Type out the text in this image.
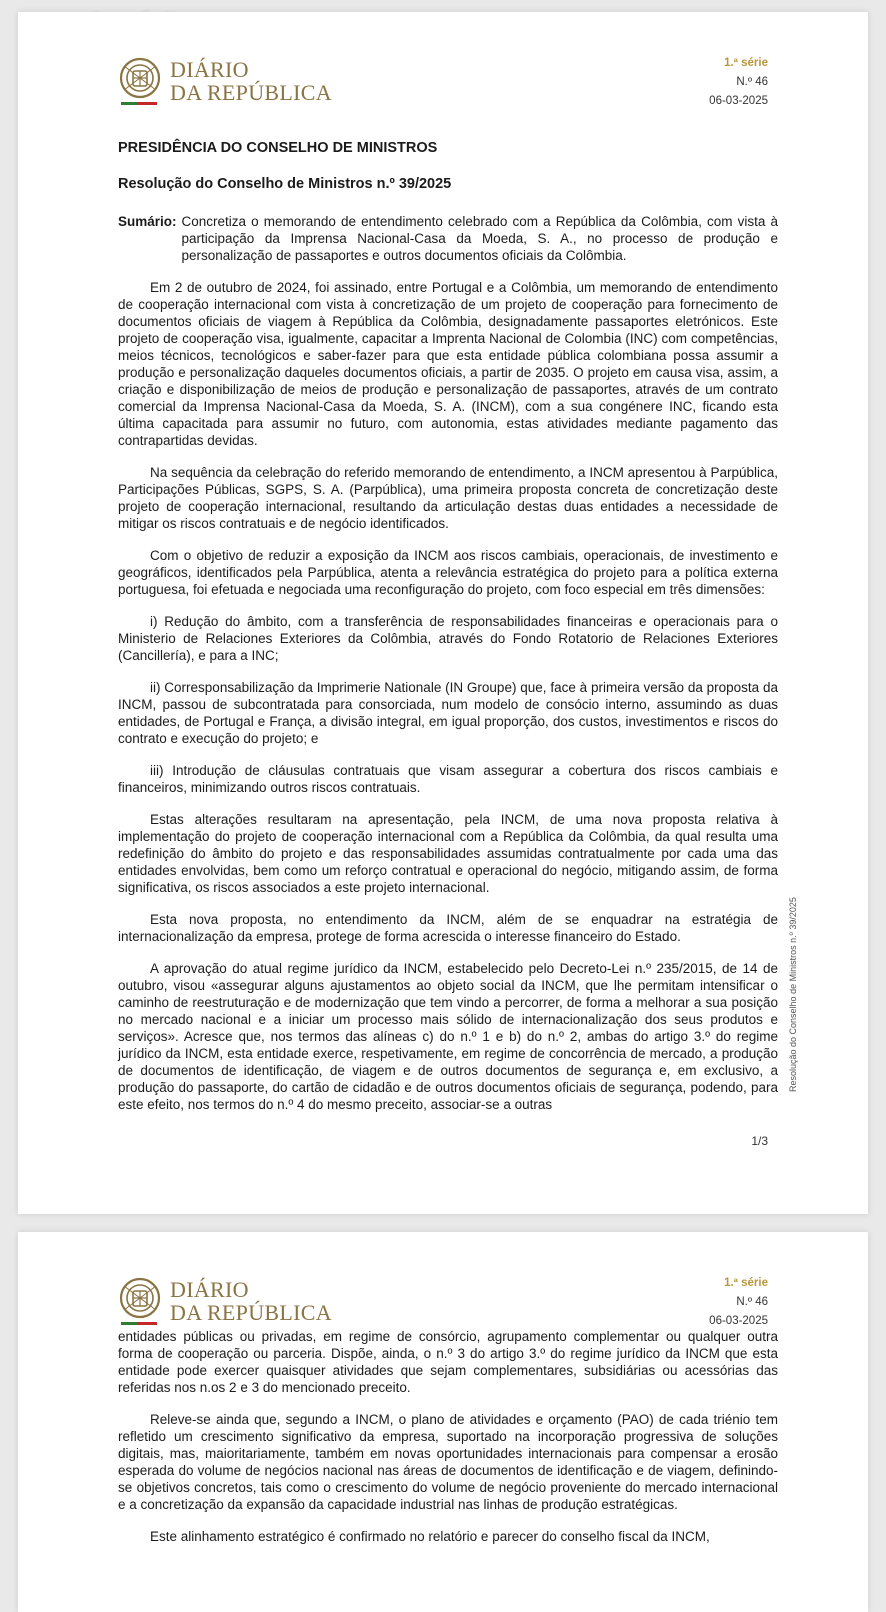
DIÁRIO
DA REPÚBLICA
1.ª série
N.º 46
06-03-2025
PRESIDÊNCIA DO CONSELHO DE MINISTROS
Resolução do Conselho de Ministros n.º 39/2025
Sumário: Concretiza o memorando de entendimento celebrado com a República da Colômbia, com vista à participação da Imprensa Nacional-Casa da Moeda, S. A., no processo de produção e personalização de passaportes e outros documentos oficiais da Colômbia.

Em 2 de outubro de 2024, foi assinado, entre Portugal e a Colômbia, um memorando de entendimento de cooperação internacional com vista à concretização de um projeto de cooperação para fornecimento de documentos oficiais de viagem à República da Colômbia, designadamente passaportes eletrónicos. Este projeto de cooperação visa, igualmente, capacitar a Imprenta Nacional de Colombia (INC) com competências, meios técnicos, tecnológicos e saber-fazer para que esta entidade pública colombiana possa assumir a produção e personalização daqueles documentos oficiais, a partir de 2035. O projeto em causa visa, assim, a criação e disponibilização de meios de produção e personalização de passaportes, através de um contrato comercial da Imprensa Nacional-Casa da Moeda, S. A. (INCM), com a sua congénere INC, ficando esta última capacitada para assumir no futuro, com autonomia, estas atividades mediante pagamento das contrapartidas devidas.

Na sequência da celebração do referido memorando de entendimento, a INCM apresentou à Parpública, Participações Públicas, SGPS, S. A. (Parpública), uma primeira proposta concreta de concretização deste projeto de cooperação internacional, resultando da articulação destas duas entidades a necessidade de mitigar os riscos contratuais e de negócio identificados.

Com o objetivo de reduzir a exposição da INCM aos riscos cambiais, operacionais, de investimento e geográficos, identificados pela Parpública, atenta a relevância estratégica do projeto para a política externa portuguesa, foi efetuada e negociada uma reconfiguração do projeto, com foco especial em três dimensões:

i) Redução do âmbito, com a transferência de responsabilidades financeiras e operacionais para o Ministerio de Relaciones Exteriores da Colômbia, através do Fondo Rotatorio de Relaciones Exteriores (Cancillería), e para a INC;

ii) Corresponsabilização da Imprimerie Nationale (IN Groupe) que, face à primeira versão da proposta da INCM, passou de subcontratada para consorciada, num modelo de consócio interno, assumindo as duas entidades, de Portugal e França, a divisão integral, em igual proporção, dos custos, investimentos e riscos do contrato e execução do projeto; e

iii) Introdução de cláusulas contratuais que visam assegurar a cobertura dos riscos cambiais e financeiros, minimizando outros riscos contratuais.

Estas alterações resultaram na apresentação, pela INCM, de uma nova proposta relativa à implementação do projeto de cooperação internacional com a República da Colômbia, da qual resulta uma redefinição do âmbito do projeto e das responsabilidades assumidas contratualmente por cada uma das entidades envolvidas, bem como um reforço contratual e operacional do negócio, mitigando assim, de forma significativa, os riscos associados a este projeto internacional.

Esta nova proposta, no entendimento da INCM, além de se enquadrar na estratégia de internacionalização da empresa, protege de forma acrescida o interesse financeiro do Estado.

A aprovação do atual regime jurídico da INCM, estabelecido pelo Decreto-Lei n.º 235/2015, de 14 de outubro, visou «assegurar alguns ajustamentos ao objeto social da INCM, que lhe permitam intensificar o caminho de reestruturação e de modernização que tem vindo a percorrer, de forma a melhorar a sua posição no mercado nacional e a iniciar um processo mais sólido de internacionalização dos seus produtos e serviços». Acresce que, nos termos das alíneas c) do n.º 1 e b) do n.º 2, ambas do artigo 3.º do regime jurídico da INCM, esta entidade exerce, respetivamente, em regime de concorrência de mercado, a produção de documentos de identificação, de viagem e de outros documentos de segurança e, em exclusivo, a produção do passaporte, do cartão de cidadão e de outros documentos oficiais de segurança, podendo, para este efeito, nos termos do n.º 4 do mesmo preceito, associar-se a outras

Resolução do Conselho de Ministros n.º 39/2025
1/3
DIÁRIO
DA REPÚBLICA
1.ª série
N.º 46
06-03-2025

entidades públicas ou privadas, em regime de consórcio, agrupamento complementar ou qualquer outra forma de cooperação ou parceria. Dispõe, ainda, o n.º 3 do artigo 3.º do regime jurídico da INCM que esta entidade pode exercer quaisquer atividades que sejam complementares, subsidiárias ou acessórias das referidas nos n.os 2 e 3 do mencionado preceito.

Releve-se ainda que, segundo a INCM, o plano de atividades e orçamento (PAO) de cada triénio tem refletido um crescimento significativo da empresa, suportado na incorporação progressiva de soluções digitais, mas, maioritariamente, também em novas oportunidades internacionais para compensar a erosão esperada do volume de negócios nacional nas áreas de documentos de identificação e de viagem, definindo-se objetivos concretos, tais como o crescimento do volume de negócio proveniente do mercado internacional e a concretização da expansão da capacidade industrial nas linhas de produção estratégicas.

Este alinhamento estratégico é confirmado no relatório e parecer do conselho fiscal da INCM,
